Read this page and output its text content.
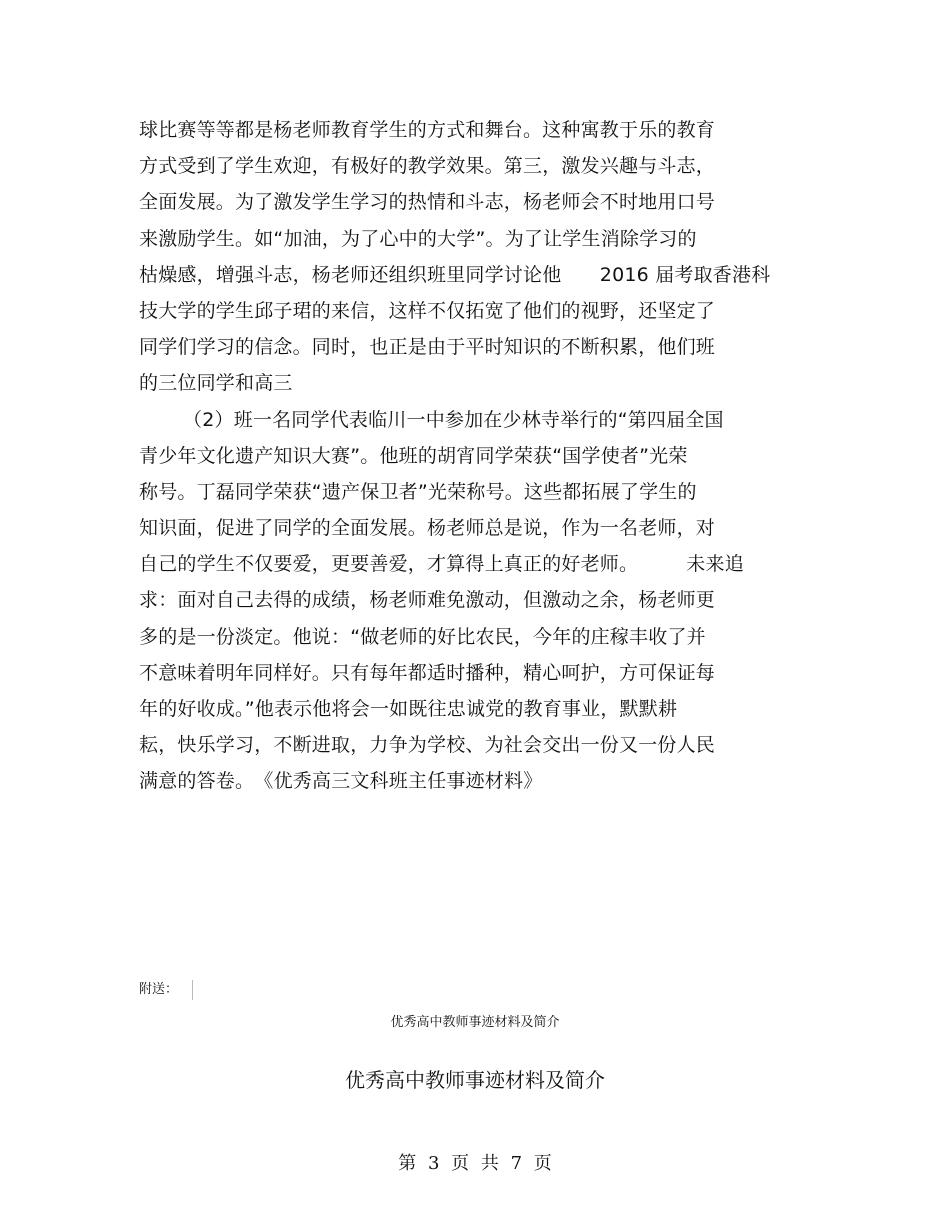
球比赛等等都是杨老师教育学生的方式和舞台。这种寓教于乐的教育
方式受到了学生欢迎，有极好的教学效果。第三，激发兴趣与斗志，
全面发展。为了激发学生学习的热情和斗志，杨老师会不时地用口号
来激励学生。如“加油，为了心中的大学”。为了让学生消除学习的
枯燥感，增强斗志，杨老师还组织班里同学讨论他　　2016 届考取香港科
技大学的学生邱子珺的来信，这样不仅拓宽了他们的视野，还坚定了
同学们学习的信念。同时，也正是由于平时知识的不断积累，他们班
的三位同学和高三
（2）班一名同学代表临川一中参加在少林寺举行的“第四届全国
青少年文化遗产知识大赛”。他班的胡宵同学荣获“国学使者”光荣
称号。丁磊同学荣获“遗产保卫者”光荣称号。这些都拓展了学生的
知识面，促进了同学的全面发展。杨老师总是说，作为一名老师，对
自己的学生不仅要爱，更要善爱，才算得上真正的好老师。　　　未来追
求：面对自己去得的成绩，杨老师难免激动，但激动之余，杨老师更
多的是一份淡定。他说：“做老师的好比农民，今年的庄稼丰收了并
不意味着明年同样好。只有每年都适时播种，精心呵护，方可保证每
年的好收成。”他表示他将会一如既往忠诚党的教育事业，默默耕
耘，快乐学习，不断进取，力争为学校、为社会交出一份又一份人民
满意的答卷。　《优秀高三文科班主任事迹材料》
附送：
优秀高中教师事迹材料及简介
优秀高中教师事迹材料及简介
第 3 页 共 7 页
